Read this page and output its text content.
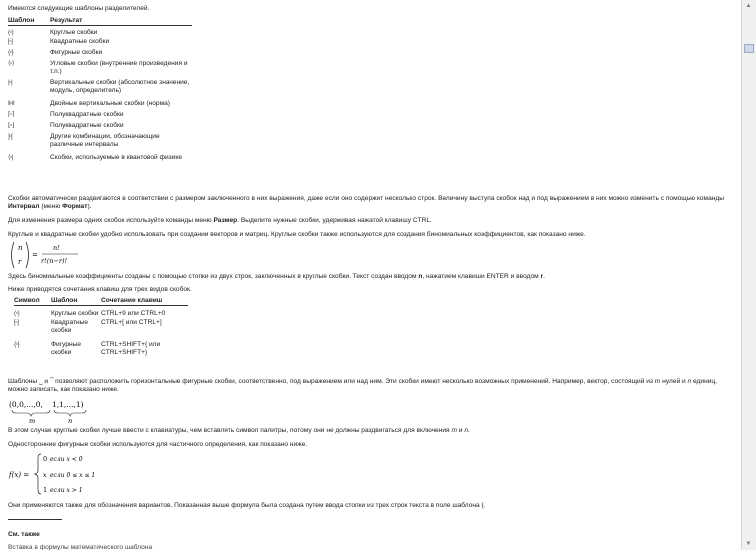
Имеются следующие шаблоны разделителей.

Шаблон	Результат
(▫)	Круглые скобки
[▫]	Квадратные скобки
{▫}	Фигурные скобки
⟨▫⟩	Угловые скобки (внутренние произведения и т.п.)
|▫|	Вертикальные скобки (абсолютное значение, модуль, определитель)
‖▫‖	Двойные вертикальные скобки (норма)
⌈▫⌉	Полуквадратные скобки
⌊▫⌋	Полуквадратные скобки
]▫[	Другие комбинации, обозначающие различные интервалы
⟨▫|	Скобки, используемые в квантовой физике

Скобки автоматически раздвигаются в соответствии с размером заключенного в них выражения, даже если оно содержит несколько строк. Величину выступа скобок над и под выражением в них можно изменить с помощью команды Интервал (меню Формат).

Для изменения размера одних скобок используйте команды меню Размер. Выделите нужные скобки, удерживая нажатой клавишу CTRL.

Круглые и квадратные скобки удобно использовать при создании векторов и матриц. Круглые скобки также используются для создания биномиальных коэффициентов, как показано ниже.

n
r
=
n!
r!(n−r)!

Здесь биномиальные коэффициенты созданы с помощью стопки из двух строк, заключенных в круглые скобки. Текст создан вводом n, нажатием клавиши ENTER и вводом r.

Ниже приводятся сочетания клавиш для трех видов скобок.

Символ	Шаблон	Сочетание клавиш
(▫)	Круглые скобки	CTRL+9 или CTRL+0
[▫]	Квадратные скобки	CTRL+[ или CTRL+]
{▫}	Фигурные скобки	CTRL+SHIFT+{ или CTRL+SHIFT+}

Шаблоны ⏟ и ⏞ позволяют расположить горизонтальные фигурные скобки, соответственно, под выражением или над ним. Эти скобки имеют несколько возможных применений. Например, вектор, состоящий из m нулей и n единиц, можно записать, как показано ниже.

(0,0,...,0, 1,1,...,1)
m	n

В этом случае круглые скобки лучше ввести с клавиатуры, чем вставлять символ палитры, потому они не должны раздвигаться для включения m и n.

Односторонние фигурные скобки используются для частичного определения, как показано ниже.

f(x) =
0 если x < 0
x если 0 ≤ x ≤ 1
1 если x > 1

Они применяются также для обозначения вариантов. Показанная выше формула была создана путем ввода стопки из трех строк текста в поле шаблона {.

См. также

Вставка в формулы математического шаблона

▲
▼
